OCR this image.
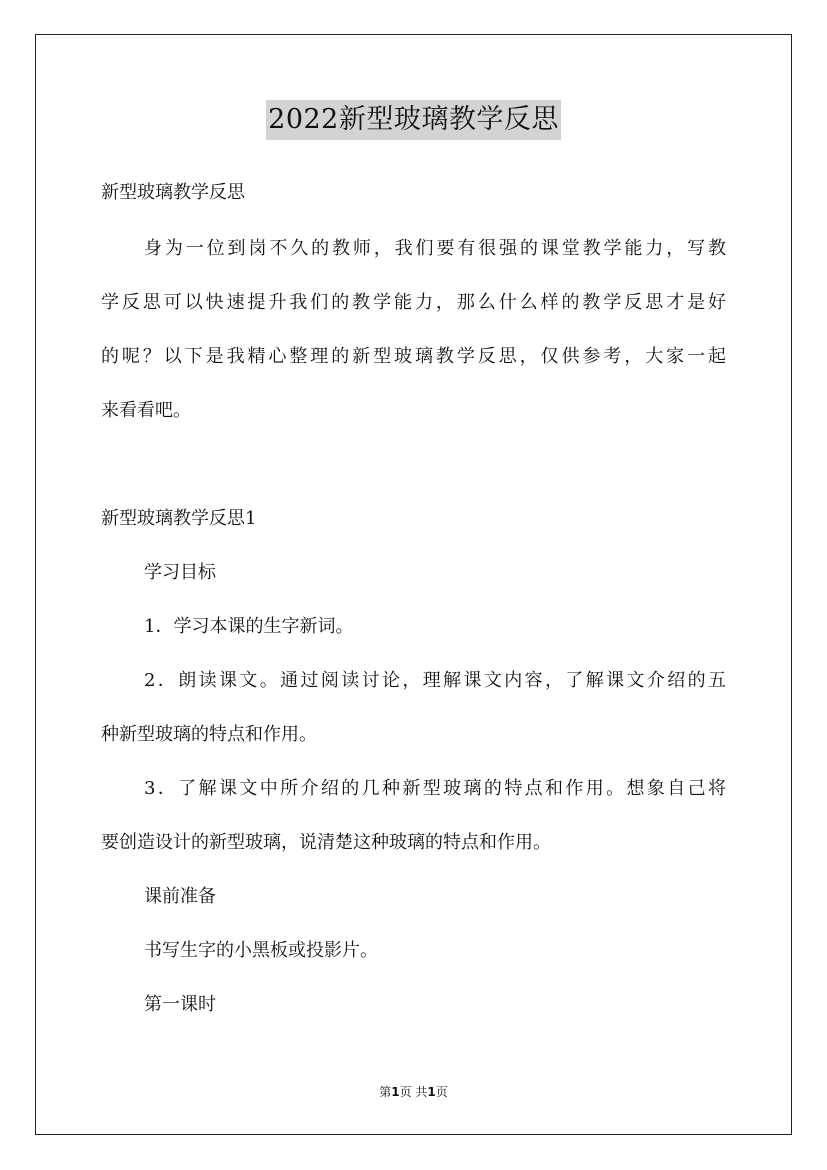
2022新型玻璃教学反思
新型玻璃教学反思
身为一位到岗不久的教师，我们要有很强的课堂教学能力，写教
学反思可以快速提升我们的教学能力，那么什么样的教学反思才是好
的呢？以下是我精心整理的新型玻璃教学反思，仅供参考，大家一起
来看看吧。
新型玻璃教学反思1
学习目标
1．学习本课的生字新词。
2．朗读课文。通过阅读讨论，理解课文内容，了解课文介绍的五
种新型玻璃的特点和作用。
3．了解课文中所介绍的几种新型玻璃的特点和作用。想象自己将
要创造设计的新型玻璃，说清楚这种玻璃的特点和作用。
课前准备
书写生字的小黑板或投影片。
第一课时
第1页 共1页
